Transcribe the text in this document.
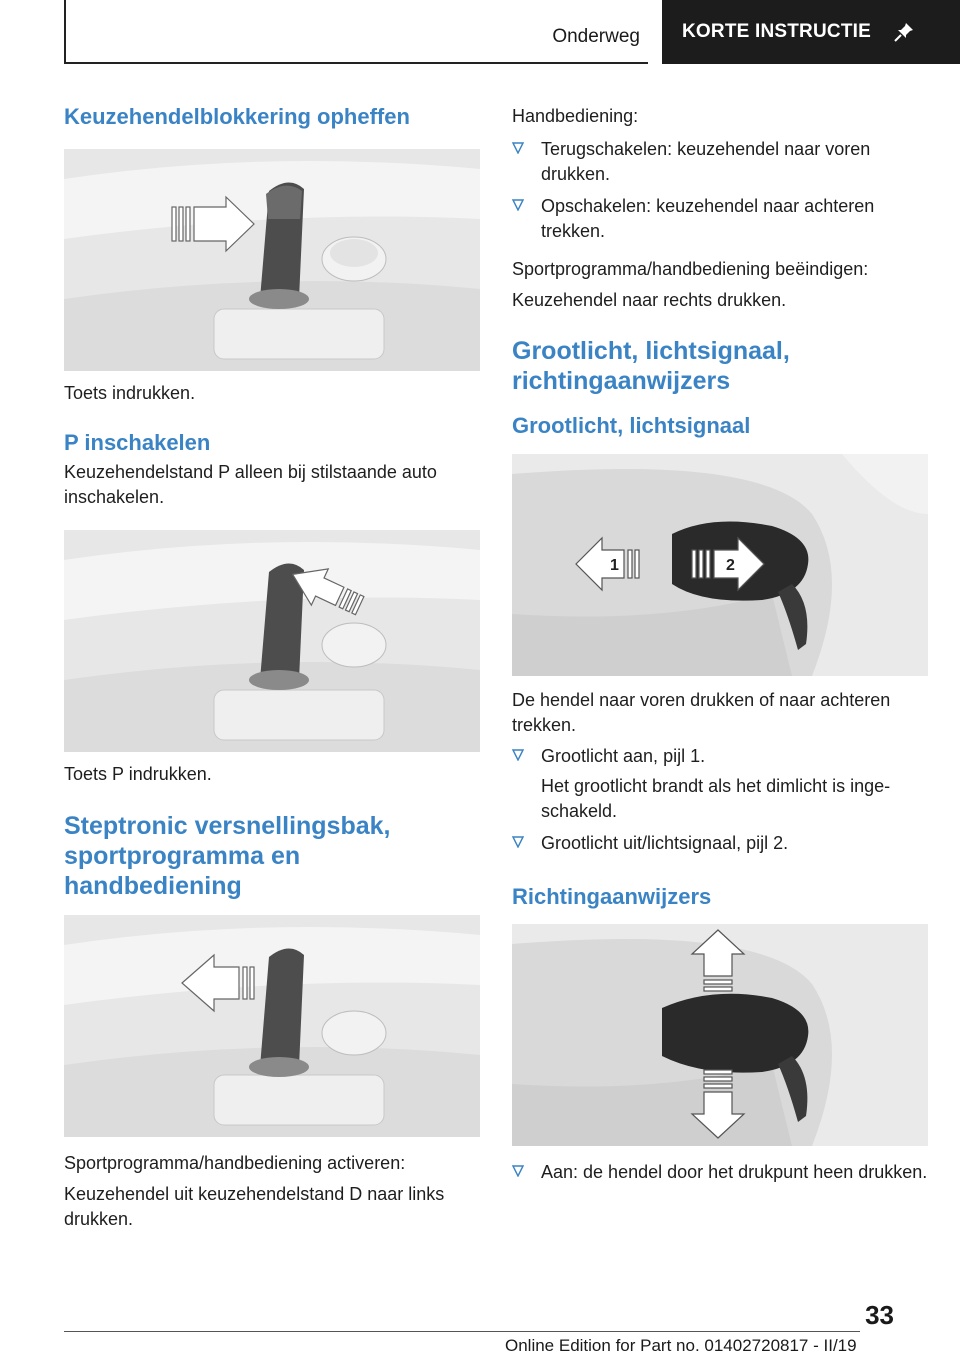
Onderweg KORTE INSTRUCTIE
Keuzehendelblokkering opheffen

Toets indrukken.

P inschakelen

Keuzehendelstand P alleen bij stilstaande auto inschakelen.

Toets P indrukken.

Steptronic versnellingsbak, sportprogramma en handbediening

Sportprogramma/handbediening activeren:

Keuzehendel uit keuzehendelstand D naar links drukken.

Handbediening:

Terugschakelen: keuzehendel naar voren drukken.
Opschakelen: keuzehendel naar achteren trekken.

Sportprogramma/handbediening beëindigen:

Keuzehendel naar rechts drukken.

Grootlicht, lichtsignaal, richtingaanwijzers
Grootlicht, lichtsignaal
1	2

De hendel naar voren drukken of naar achteren trekken.

Grootlicht aan, pijl 1.

Het grootlicht brandt als het dimlicht is ingeschakeld.

Grootlicht uit/lichtsignaal, pijl 2.
Richtingaanwijzers
Aan: de hendel door het drukpunt heen drukken.
33
Online Edition for Part no. 01402720817 - II/19
